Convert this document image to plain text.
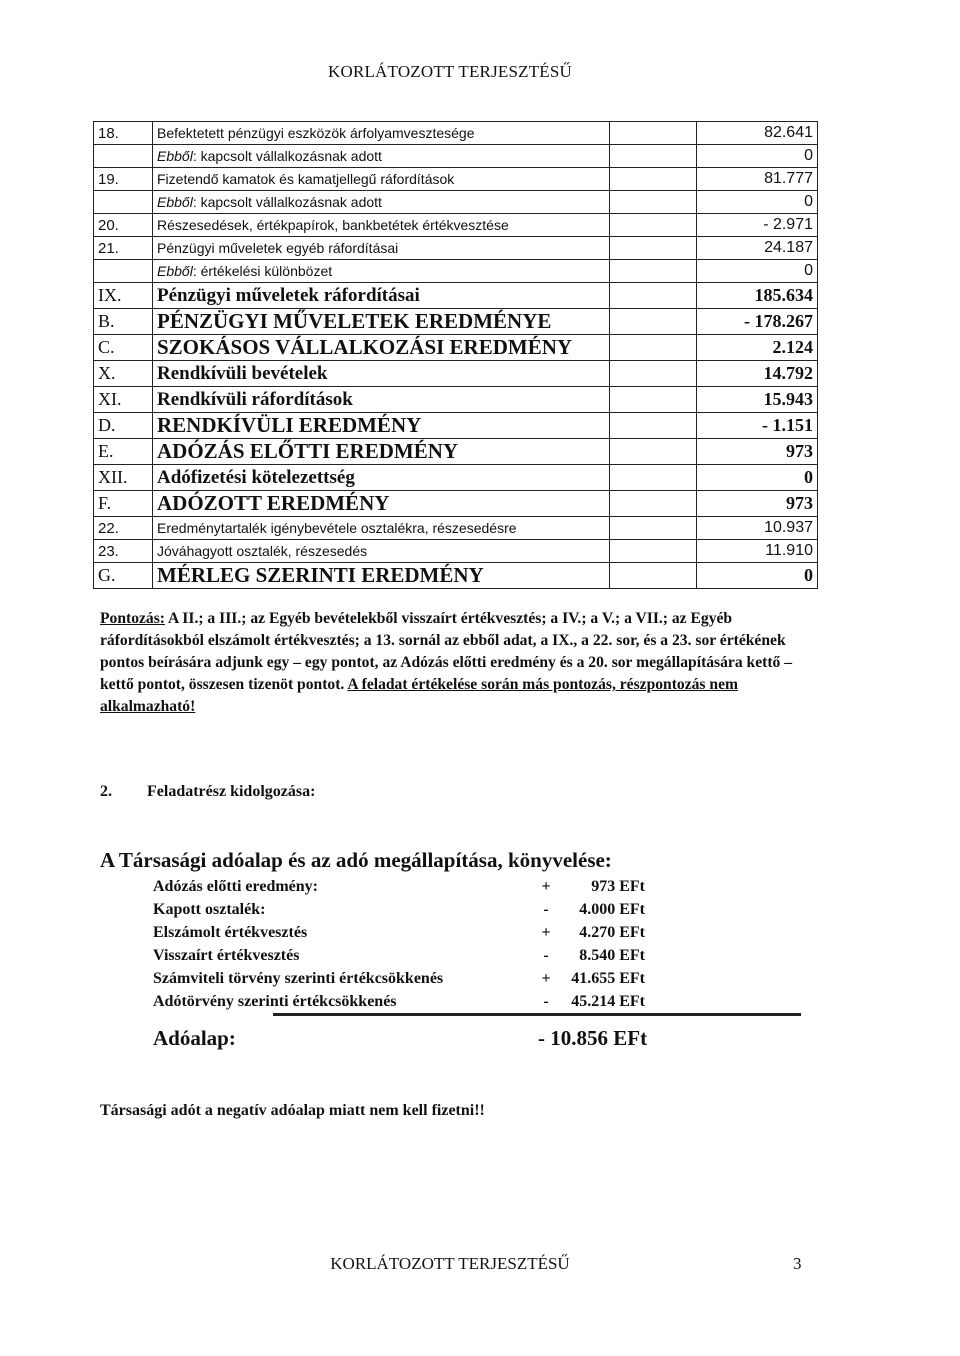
KORLÁTOZOTT TERJESZTÉSŰ
18.	Befektetett pénzügyi eszközök árfolyamvesztesége		82.641
	Ebből: kapcsolt vállalkozásnak adott		0
19.	Fizetendő kamatok és kamatjellegű ráfordítások		81.777
	Ebből: kapcsolt vállalkozásnak adott		0
20.	Részesedések, értékpapírok, bankbetétek értékvesztése		- 2.971
21.	Pénzügyi műveletek egyéb ráfordításai		24.187
	Ebből: értékelési különbözet		0
IX.	Pénzügyi műveletek ráfordításai		185.634
B.	PÉNZÜGYI MŰVELETEK EREDMÉNYE		- 178.267
C.	SZOKÁSOS VÁLLALKOZÁSI EREDMÉNY		2.124
X.	Rendkívüli bevételek		14.792
XI.	Rendkívüli ráfordítások		15.943
D.	RENDKÍVÜLI EREDMÉNY		- 1.151
E.	ADÓZÁS ELŐTTI EREDMÉNY		973
XII.	Adófizetési kötelezettség		0
F.	ADÓZOTT EREDMÉNY		973
22.	Eredménytartalék igénybevétele osztalékra, részesedésre		10.937
23.	Jóváhagyott osztalék, részesedés		11.910
G.	MÉRLEG SZERINTI EREDMÉNY		0
Pontozás: A II.; a III.; az Egyéb bevételekből visszaírt értékvesztés; a IV.; a V.; a VII.; az Egyéb ráfordításokból elszámolt értékvesztés; a 13. sornál az ebből adat, a IX., a 22. sor, és a 23. sor értékének pontos beírására adjunk egy – egy pontot, az Adózás előtti eredmény és a 20. sor megállapítására kettő – kettő pontot, összesen tizenöt pontot. A feladat értékelése során más pontozás, részpontozás nem alkalmazható!
2. Feladatrész kidolgozása:
A Társasági adóalap és az adó megállapítása, könyvelése:
Adózás előtti eredmény:	+	973 EFt
Kapott osztalék:	-	4.000 EFt
Elszámolt értékvesztés	+	4.270 EFt
Visszaírt értékvesztés	-	8.540 EFt
Számviteli törvény szerinti értékcsökkenés	+	41.655 EFt
Adótörvény szerinti értékcsökkenés	-	45.214 EFt
Adóalap:	- 10.856 EFt
Társasági adót a negatív adóalap miatt nem kell fizetni!!
KORLÁTOZOTT TERJESZTÉSŰ	3
